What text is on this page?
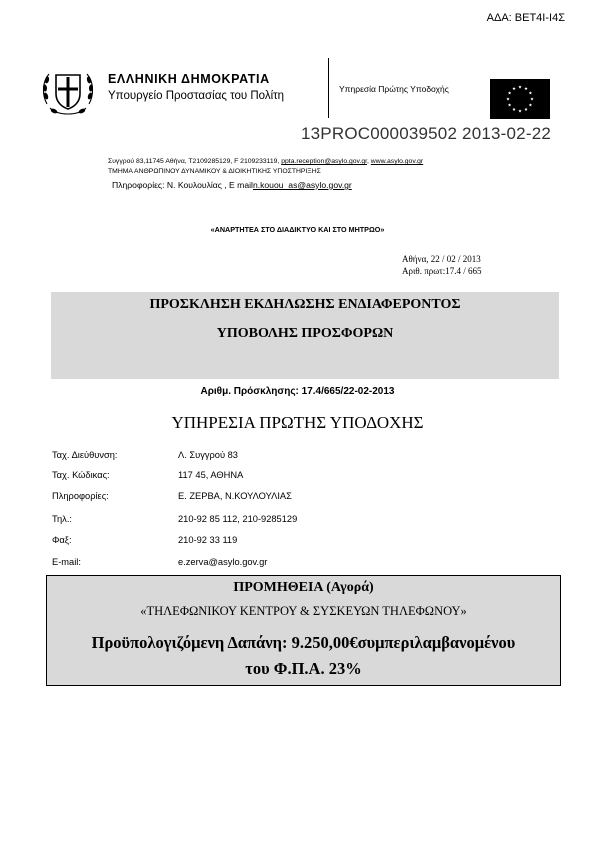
ΑΔΑ: ΒΕΤ4Ι-Ι4Σ
ΕΛΛΗΝΙΚΗ ΔΗΜΟΚΡΑΤΙΑ
Υπουργείο Προστασίας του Πολίτη
Υπηρεσία Πρώτης Υποδοχής
13PROC000039502 2013-02-22
Συγγρού 83,11745 Αθήνα, Τ2109285129, F 2109233119, ppta.reception@asylo.gov.gr, www.asylo.gov.gr
ΤΜΗΜΑ ΑΝΘΡΩΠΙΝΟΥ ΔΥΝΑΜΙΚΟΥ & ΔΙΟΙΚΗΤΙΚΗΣ ΥΠΟΣΤΗΡΙΞΗΣ
Πληροφορίες: Ν. Κουλουλίας , E mailn.kouou_as@asylo.gov.gr
«ΑΝΑΡΤΗΤΕΑ ΣΤΟ ΔΙΑΔΙΚΤΥΟ ΚΑΙ ΣΤΟ ΜΗΤΡΩΟ»
Αθήνα, 22 / 02 / 2013
Αριθ. πρωτ:17.4 / 665
ΠΡΟΣΚΛΗΣΗ ΕΚΔΗΛΩΣΗΣ ΕΝΔΙΑΦΕΡΟΝΤΟΣ
ΥΠΟΒΟΛΗΣ ΠΡΟΣΦΟΡΩΝ
Αριθμ. Πρόσκλησης: 17.4/665/22-02-2013
ΥΠΗΡΕΣΙΑ ΠΡΩΤΗΣ ΥΠΟΔΟΧΗΣ
Ταχ. Διεύθυνση:	Λ. Συγγρού 83
Ταχ. Κώδικας:	117 45, ΑΘΗΝΑ
Πληροφορίες:	Ε. ΖΕΡΒΑ, Ν.ΚΟΥΛΟΥΛΙΑΣ
Τηλ.:	210-92 85 112, 210-9285129
Φαξ:	210-92 33 119
E-mail:	e.zerva@asylo.gov.gr
ΠΡΟΜΗΘΕΙΑ (Αγορά)
«ΤΗΛΕΦΩΝΙΚΟΥ ΚΕΝΤΡΟΥ & ΣΥΣΚΕΥΩΝ ΤΗΛΕΦΩΝΟΥ»
Προϋπολογιζόμενη Δαπάνη: 9.250,00€συμπεριλαμβανομένου
του Φ.Π.Α. 23%
